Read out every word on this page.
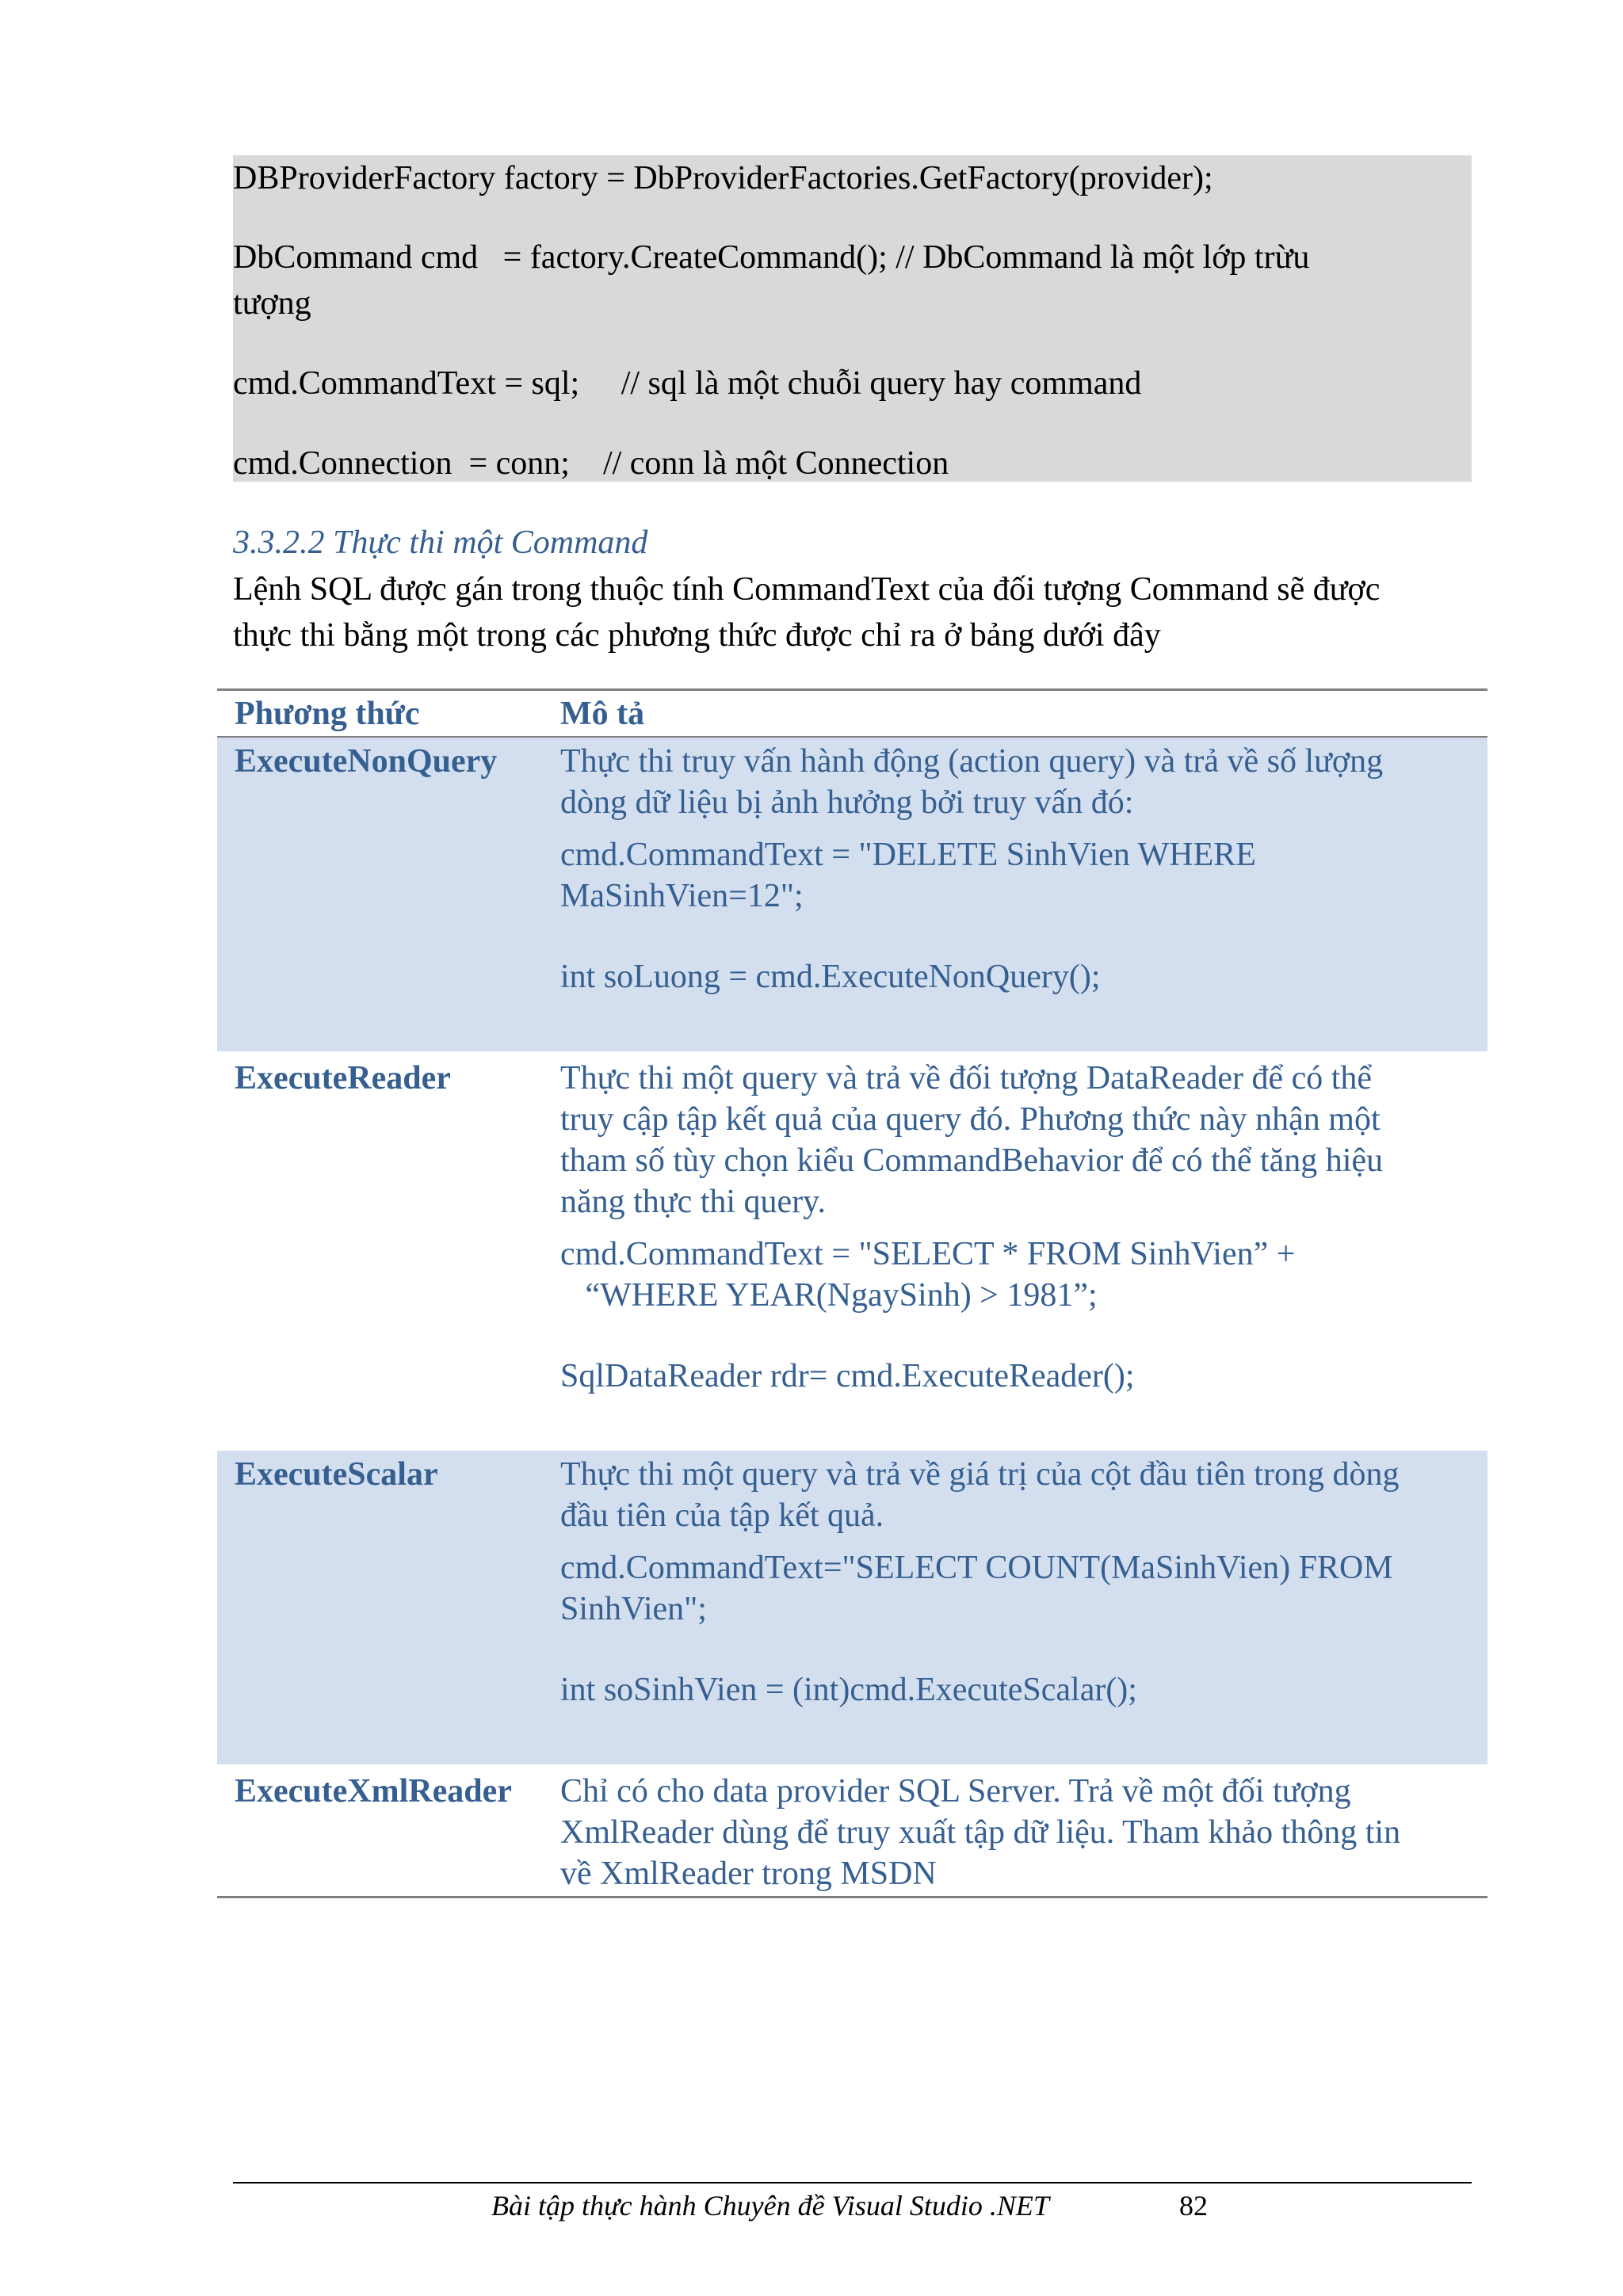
DBProviderFactory factory = DbProviderFactories.GetFactory(provider);
DbCommand cmd   = factory.CreateCommand(); // DbCommand là một lớp trừu
tượng
cmd.CommandText = sql;     // sql là một chuỗi query hay command
cmd.Connection  = conn;    // conn là một Connection
3.3.2.2 Thực thi một Command
Lệnh SQL được gán trong thuộc tính CommandText của đối tượng Command sẽ được
thực thi bằng một trong các phương thức được chỉ ra ở bảng dưới đây
Phương thức	Mô tả
ExecuteNonQuery Thực thi truy vấn hành động (action query) và trả về số lượng
dòng dữ liệu bị ảnh hưởng bởi truy vấn đó:
cmd.CommandText = "DELETE SinhVien WHERE
MaSinhVien=12";
int soLuong = cmd.ExecuteNonQuery();
ExecuteReader	Thực thi một query và trả về đối tượng DataReader để có thể
truy cập tập kết quả của query đó. Phương thức này nhận một
tham số tùy chọn kiểu CommandBehavior để có thể tăng hiệu
năng thực thi query.
cmd.CommandText = "SELECT * FROM SinhVien” +
“WHERE YEAR(NgaySinh) > 1981”;
SqlDataReader rdr= cmd.ExecuteReader();
ExecuteScalar	Thực thi một query và trả về giá trị của cột đầu tiên trong dòng
đầu tiên của tập kết quả.
cmd.CommandText="SELECT COUNT(MaSinhVien) FROM
SinhVien";
int soSinhVien = (int)cmd.ExecuteScalar();
ExecuteXmlReader Chỉ có cho data provider SQL Server. Trả về một đối tượng
XmlReader dùng để truy xuất tập dữ liệu. Tham khảo thông tin
về XmlReader trong MSDN
Bài tập thực hành Chuyên đề Visual Studio .NET	82
